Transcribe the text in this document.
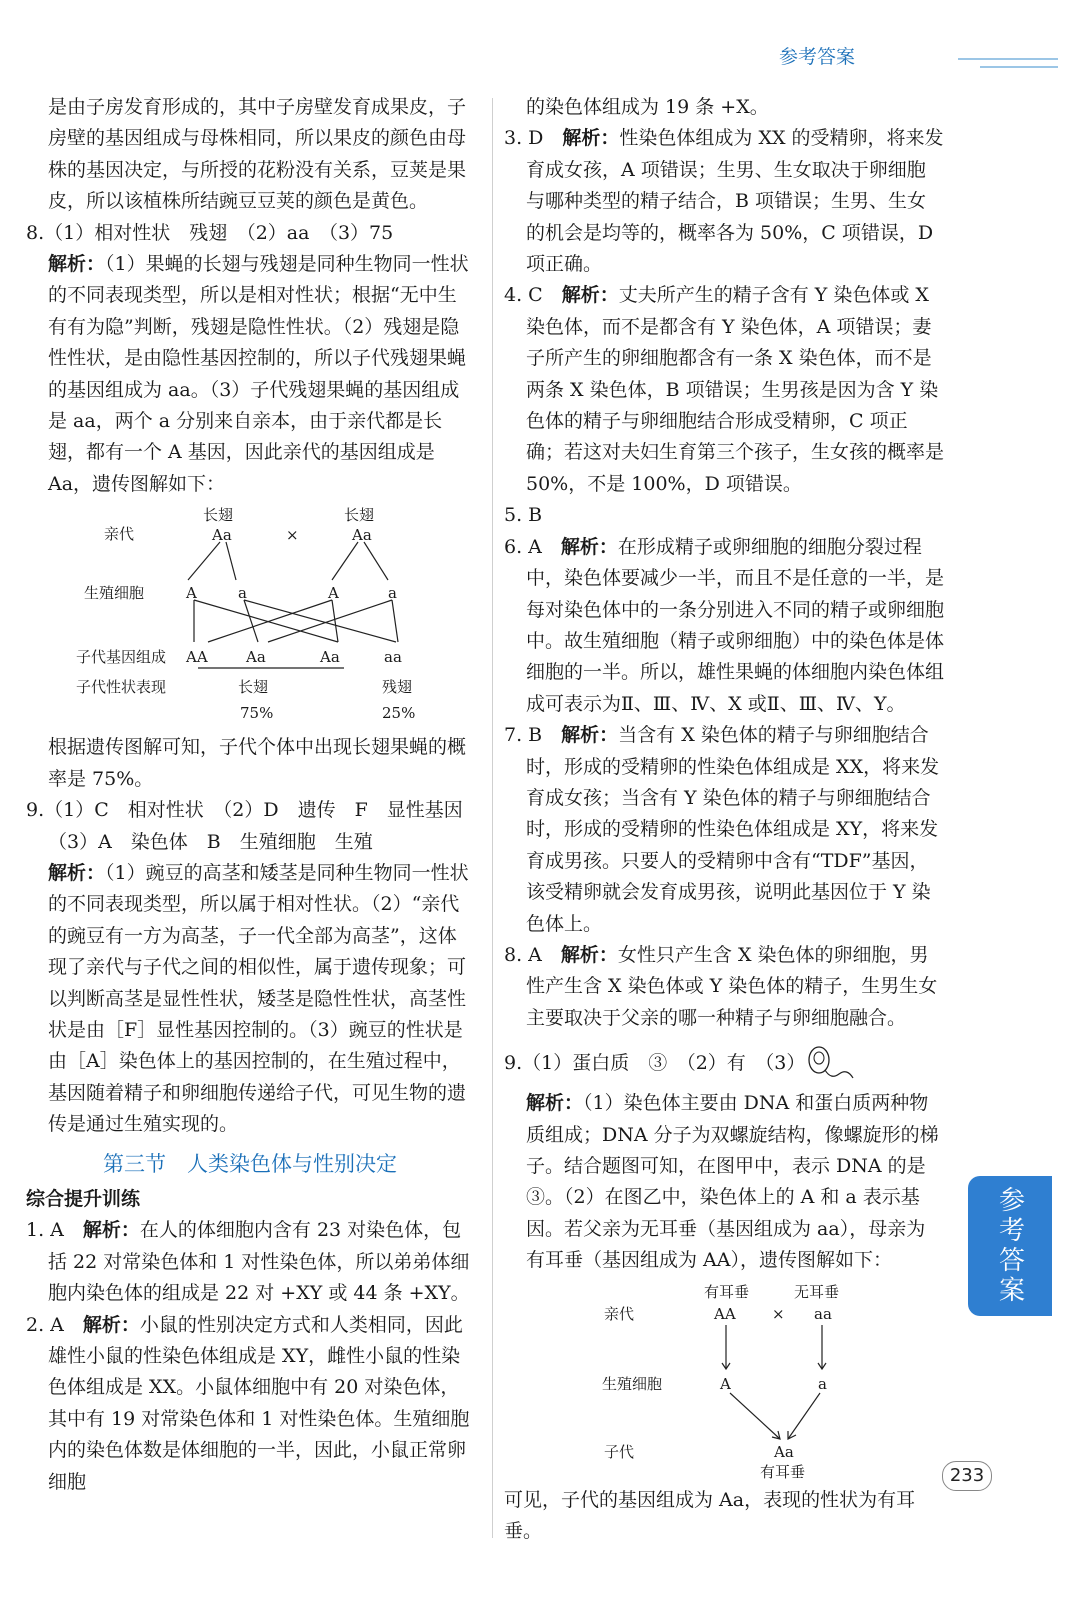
参考答案

是由子房发育形成的，其中子房壁发育成果皮，子房壁的基因组成与母株相同，所以果皮的颜色由母株的基因决定，与所授的花粉没有关系，豆荚是果皮，所以该植株所结豌豆豆荚的颜色是黄色。

8.（1）相对性状　残翅　（2）aa　（3）75

解析：（1）果蝇的长翅与残翅是同种生物同一性状的不同表现类型，所以是相对性状；根据“无中生有有为隐”判断，残翅是隐性性状。（2）残翅是隐性性状，是由隐性基因控制的，所以子代残翅果蝇的基因组成为 aa。（3）子代残翅果蝇的基因组成是 aa，两个 a 分别来自亲本，由于亲代都是长翅，都有一个 A 基因，因此亲代的基因组成是 Aa，遗传图解如下：

亲代
长翅
Aa	×
长翅
Aa
生殖细胞	A	a	A	a
子代基因组成 AA	Aa	Aa	aa
子代性状表现	长翅	残翅
75%	25%

根据遗传图解可知，子代个体中出现长翅果蝇的概率是 75%。

9.（1）C　相对性状　（2）D　遗传　F　显性基因

（3）A　染色体　B　生殖细胞　生殖

解析：（1）豌豆的高茎和矮茎是同种生物同一性状的不同表现类型，所以属于相对性状。（2）“亲代的豌豆有一方为高茎，子一代全部为高茎”，这体现了亲代与子代之间的相似性，属于遗传现象；可以判断高茎是显性性状，矮茎是隐性性状，高茎性状是由［F］显性基因控制的。（3）豌豆的性状是由［A］染色体上的基因控制的，在生殖过程中，基因随着精子和卵细胞传递给子代，可见生物的遗传是通过生殖实现的。

第三节　人类染色体与性别决定

综合提升训练

1. A　解析：在人的体细胞内含有 23 对染色体，包括 22 对常染色体和 1 对性染色体，所以弟弟体细胞内染色体的组成是 22 对 +XY 或 44 条 +XY。

2. A　解析：小鼠的性别决定方式和人类相同，因此雄性小鼠的性染色体组成是 XY，雌性小鼠的性染色体组成是 XX。小鼠体细胞中有 20 对染色体，其中有 19 对常染色体和 1 对性染色体。生殖细胞内的染色体数是体细胞的一半，因此，小鼠正常卵细胞

的染色体组成为 19 条 +X。

3. D　解析：性染色体组成为 XX 的受精卵，将来发育成女孩，A 项错误；生男、生女取决于卵细胞与哪种类型的精子结合，B 项错误；生男、生女的机会是均等的，概率各为 50%，C 项错误，D 项正确。

4. C　解析：丈夫所产生的精子含有 Y 染色体或 X 染色体，而不是都含有 Y 染色体，A 项错误；妻子所产生的卵细胞都含有一条 X 染色体，而不是两条 X 染色体，B 项错误；生男孩是因为含 Y 染色体的精子与卵细胞结合形成受精卵，C 项正确；若这对夫妇生育第三个孩子，生女孩的概率是 50%，不是 100%，D 项错误。

5. B

6. A　解析：在形成精子或卵细胞的细胞分裂过程中，染色体要减少一半，而且不是任意的一半，是每对染色体中的一条分别进入不同的精子或卵细胞中。故生殖细胞（精子或卵细胞）中的染色体是体细胞的一半。所以，雄性果蝇的体细胞内染色体组成可表示为Ⅱ、Ⅲ、Ⅳ、X 或Ⅱ、Ⅲ、Ⅳ、Y。

7. B　解析：当含有 X 染色体的精子与卵细胞结合时，形成的受精卵的性染色体组成是 XX，将来发育成女孩；当含有 Y 染色体的精子与卵细胞结合时，形成的受精卵的性染色体组成是 XY，将来发育成男孩。只要人的受精卵中含有“TDF”基因，该受精卵就会发育成男孩，说明此基因位于 Y 染色体上。

8. A　解析：女性只产生含 X 染色体的卵细胞，男性产生含 X 染色体或 Y 染色体的精子，生男生女主要取决于父亲的哪一种精子与卵细胞融合。

9.（1）蛋白质　③　（2）有　（3）

解析：（1）染色体主要由 DNA 和蛋白质两种物质组成；DNA 分子为双螺旋结构，像螺旋形的梯子。结合题图可知，在图甲中，表示 DNA 的是③。（2）在图乙中，染色体上的 A 和 a 表示基因。若父亲为无耳垂（基因组成为 aa），母亲为有耳垂（基因组成为 AA），遗传图解如下：

亲代
有耳垂
AA ×
无耳垂
aa
生殖细胞	A	a
子代	Aa
有耳垂

可见，子代的基因组成为 Aa，表现的性状为有耳垂。

参考答案
233
